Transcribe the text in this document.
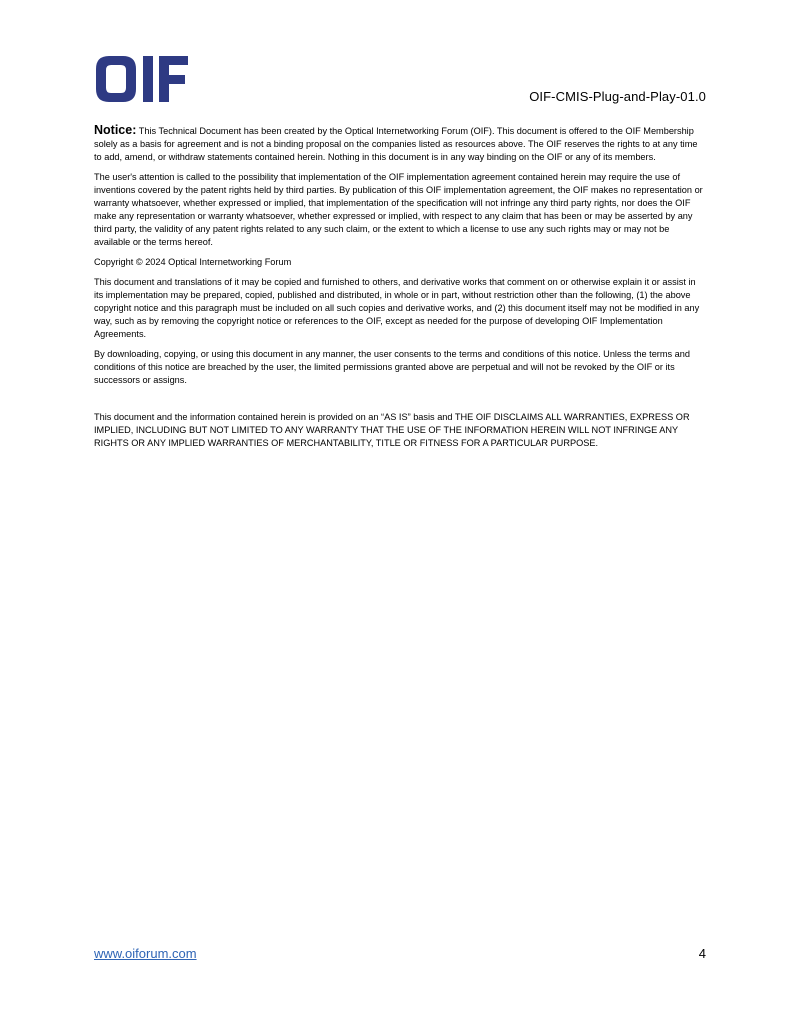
OIF-CMIS-Plug-and-Play-01.0

Notice: This Technical Document has been created by the Optical Internetworking Forum (OIF). This document is offered to the OIF Membership solely as a basis for agreement and is not a binding proposal on the companies listed as resources above. The OIF reserves the rights to at any time to add, amend, or withdraw statements contained herein. Nothing in this document is in any way binding on the OIF or any of its members.

The user's attention is called to the possibility that implementation of the OIF implementation agreement contained herein may require the use of inventions covered by the patent rights held by third parties. By publication of this OIF implementation agreement, the OIF makes no representation or warranty whatsoever, whether expressed or implied, that implementation of the specification will not infringe any third party rights, nor does the OIF make any representation or warranty whatsoever, whether expressed or implied, with respect to any claim that has been or may be asserted by any third party, the validity of any patent rights related to any such claim, or the extent to which a license to use any such rights may or may not be available or the terms hereof.

Copyright © 2024 Optical Internetworking Forum

This document and translations of it may be copied and furnished to others, and derivative works that comment on or otherwise explain it or assist in its implementation may be prepared, copied, published and distributed, in whole or in part, without restriction other than the following, (1) the above copyright notice and this paragraph must be included on all such copies and derivative works, and (2) this document itself may not be modified in any way, such as by removing the copyright notice or references to the OIF, except as needed for the purpose of developing OIF Implementation Agreements.

By downloading, copying, or using this document in any manner, the user consents to the terms and conditions of this notice. Unless the terms and conditions of this notice are breached by the user, the limited permissions granted above are perpetual and will not be revoked by the OIF or its successors or assigns.

This document and the information contained herein is provided on an “AS IS” basis and THE OIF DISCLAIMS ALL WARRANTIES, EXPRESS OR IMPLIED, INCLUDING BUT NOT LIMITED TO ANY WARRANTY THAT THE USE OF THE INFORMATION HEREIN WILL NOT INFRINGE ANY RIGHTS OR ANY IMPLIED WARRANTIES OF MERCHANTABILITY, TITLE OR FITNESS FOR A PARTICULAR PURPOSE.

www.oiforum.com	4
